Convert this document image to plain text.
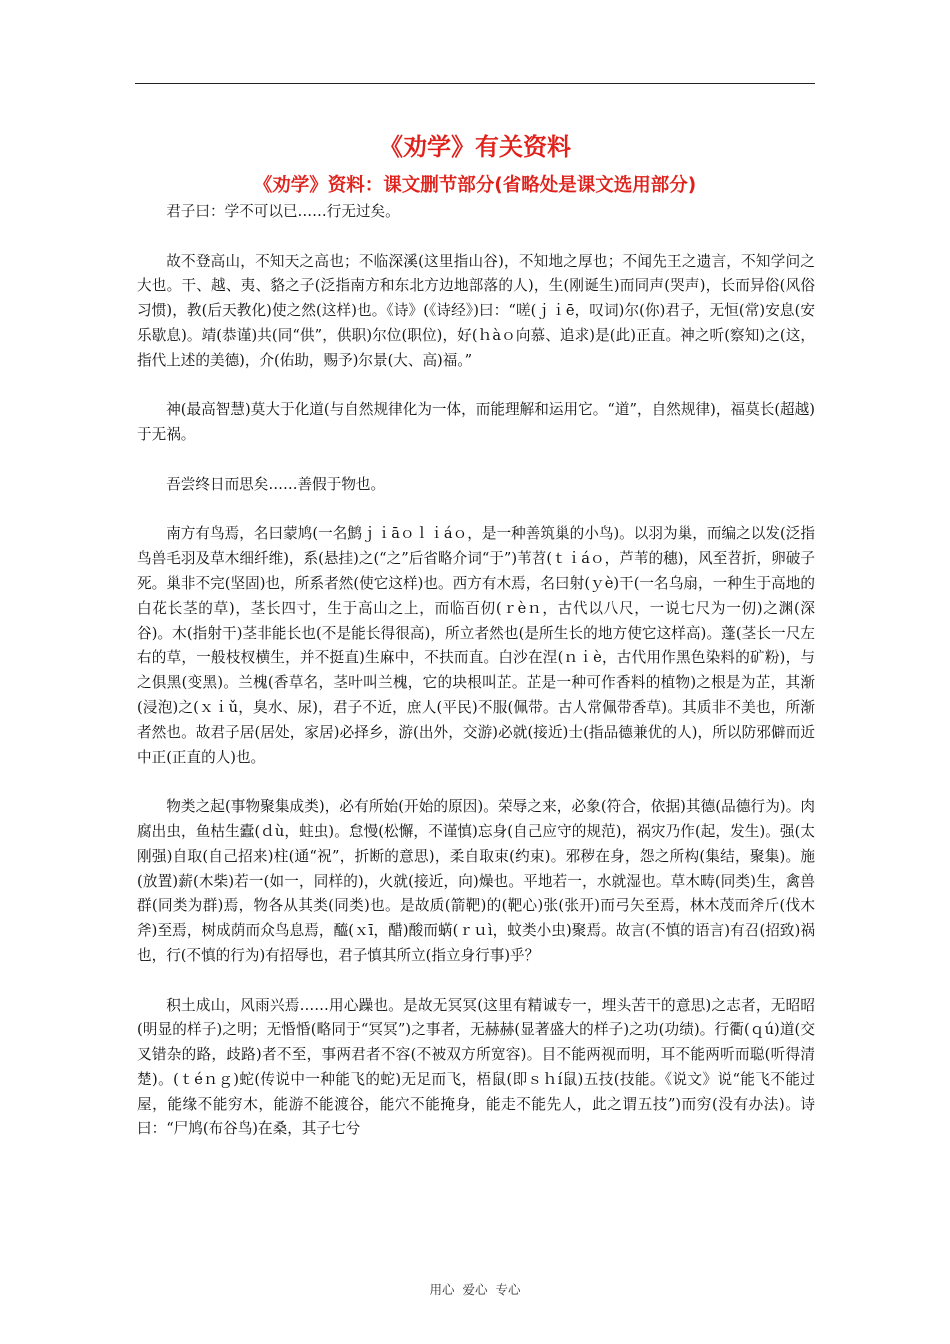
《劝学》有关资料
《劝学》资料：课文删节部分(省略处是课文选用部分)

君子曰：学不可以已……行无过矣。

故不登高山，不知天之高也；不临深溪(这里指山谷)，不知地之厚也；不闻先王之遗言，不知学问之大也。干、越、夷、貉之子(泛指南方和东北方边地部落的人)，生(刚诞生)而同声(哭声)，长而异俗(风俗习惯)，教(后天教化)使之然(这样)也。《诗》(《诗经》)曰：“嗟(ｊｉē，叹词)尔(你)君子，无恒(常)安息(安乐歇息)。靖(恭谨)共(同“供”，供职)尔位(职位)，好(ｈàｏ向慕、追求)是(此)正直。神之听(察知)之(这，指代上述的美德)，介(佑助，赐予)尔景(大、高)福。”

神(最高智慧)莫大于化道(与自然规律化为一体，而能理解和运用它。“道”，自然规律)，福莫长(超越)于无祸。

吾尝终日而思矣……善假于物也。

南方有鸟焉，名曰蒙鸠(一名鹪ｊｉāｏｌｉáｏ，是一种善筑巢的小鸟)。以羽为巢，而编之以发(泛指鸟兽毛羽及草木细纤维)，系(悬挂)之(“之”后省略介词“于”)苇苕(ｔｉáｏ，芦苇的穗)，风至苕折，卵破子死。巢非不完(坚固)也，所系者然(使它这样)也。西方有木焉，名曰射(ｙè)干(一名乌扇，一种生于高地的白花长茎的草)，茎长四寸，生于高山之上，而临百仞(ｒèｎ，古代以八尺，一说七尺为一仞)之渊(深谷)。木(指射干)茎非能长也(不是能长得很高)，所立者然也(是所生长的地方使它这样高)。蓬(茎长一尺左右的草，一般枝杈横生，并不挺直)生麻中，不扶而直。白沙在涅(ｎｉè，古代用作黑色染料的矿粉)，与之俱黑(变黑)。兰槐(香草名，茎叶叫兰槐，它的块根叫芷。芷是一种可作香料的植物)之根是为芷，其渐(浸泡)之(ｘｉǔ，臭水、尿)，君子不近，庶人(平民)不服(佩带。古人常佩带香草)。其质非不美也，所渐者然也。故君子居(居处，家居)必择乡，游(出外，交游)必就(接近)士(指品德兼优的人)，所以防邪僻而近中正(正直的人)也。

物类之起(事物聚集成类)，必有所始(开始的原因)。荣辱之来，必象(符合，依据)其德(品德行为)。肉腐出虫，鱼枯生蠹(ｄù，蛀虫)。怠慢(松懈，不谨慎)忘身(自己应守的规范)，祸灾乃作(起，发生)。强(太刚强)自取(自己招来)柱(通“祝”，折断的意思)，柔自取束(约束)。邪秽在身，怨之所构(集结，聚集)。施(放置)薪(木柴)若一(如一，同样的)，火就(接近，向)燥也。平地若一，水就湿也。草木畴(同类)生，禽兽群(同类为群)焉，物各从其类(同类)也。是故质(箭靶)的(靶心)张(张开)而弓矢至焉，林木茂而斧斤(伐木斧)至焉，树成荫而众鸟息焉，醯(ｘī，醋)酸而蜹(ｒｕì，蚊类小虫)聚焉。故言(不慎的语言)有召(招致)祸也，行(不慎的行为)有招辱也，君子慎其所立(指立身行事)乎？

积土成山，风雨兴焉……用心躁也。是故无冥冥(这里有精诚专一，埋头苦干的意思)之志者，无昭昭(明显的样子)之明；无惛惛(略同于“冥冥”)之事者，无赫赫(显著盛大的样子)之功(功绩)。行衢(ｑú)道(交叉错杂的路，歧路)者不至，事两君者不容(不被双方所宽容)。目不能两视而明，耳不能两听而聪(听得清楚)。(ｔéｎｇ)蛇(传说中一种能飞的蛇)无足而飞，梧鼠(即ｓｈí鼠)五技(技能。《说文》说“能飞不能过屋，能缘不能穷木，能游不能渡谷，能穴不能掩身，能走不能先人，此之谓五技”)而穷(没有办法)。诗曰：“尸鸠(布谷鸟)在桑，其子七兮

用心  爱心  专心
